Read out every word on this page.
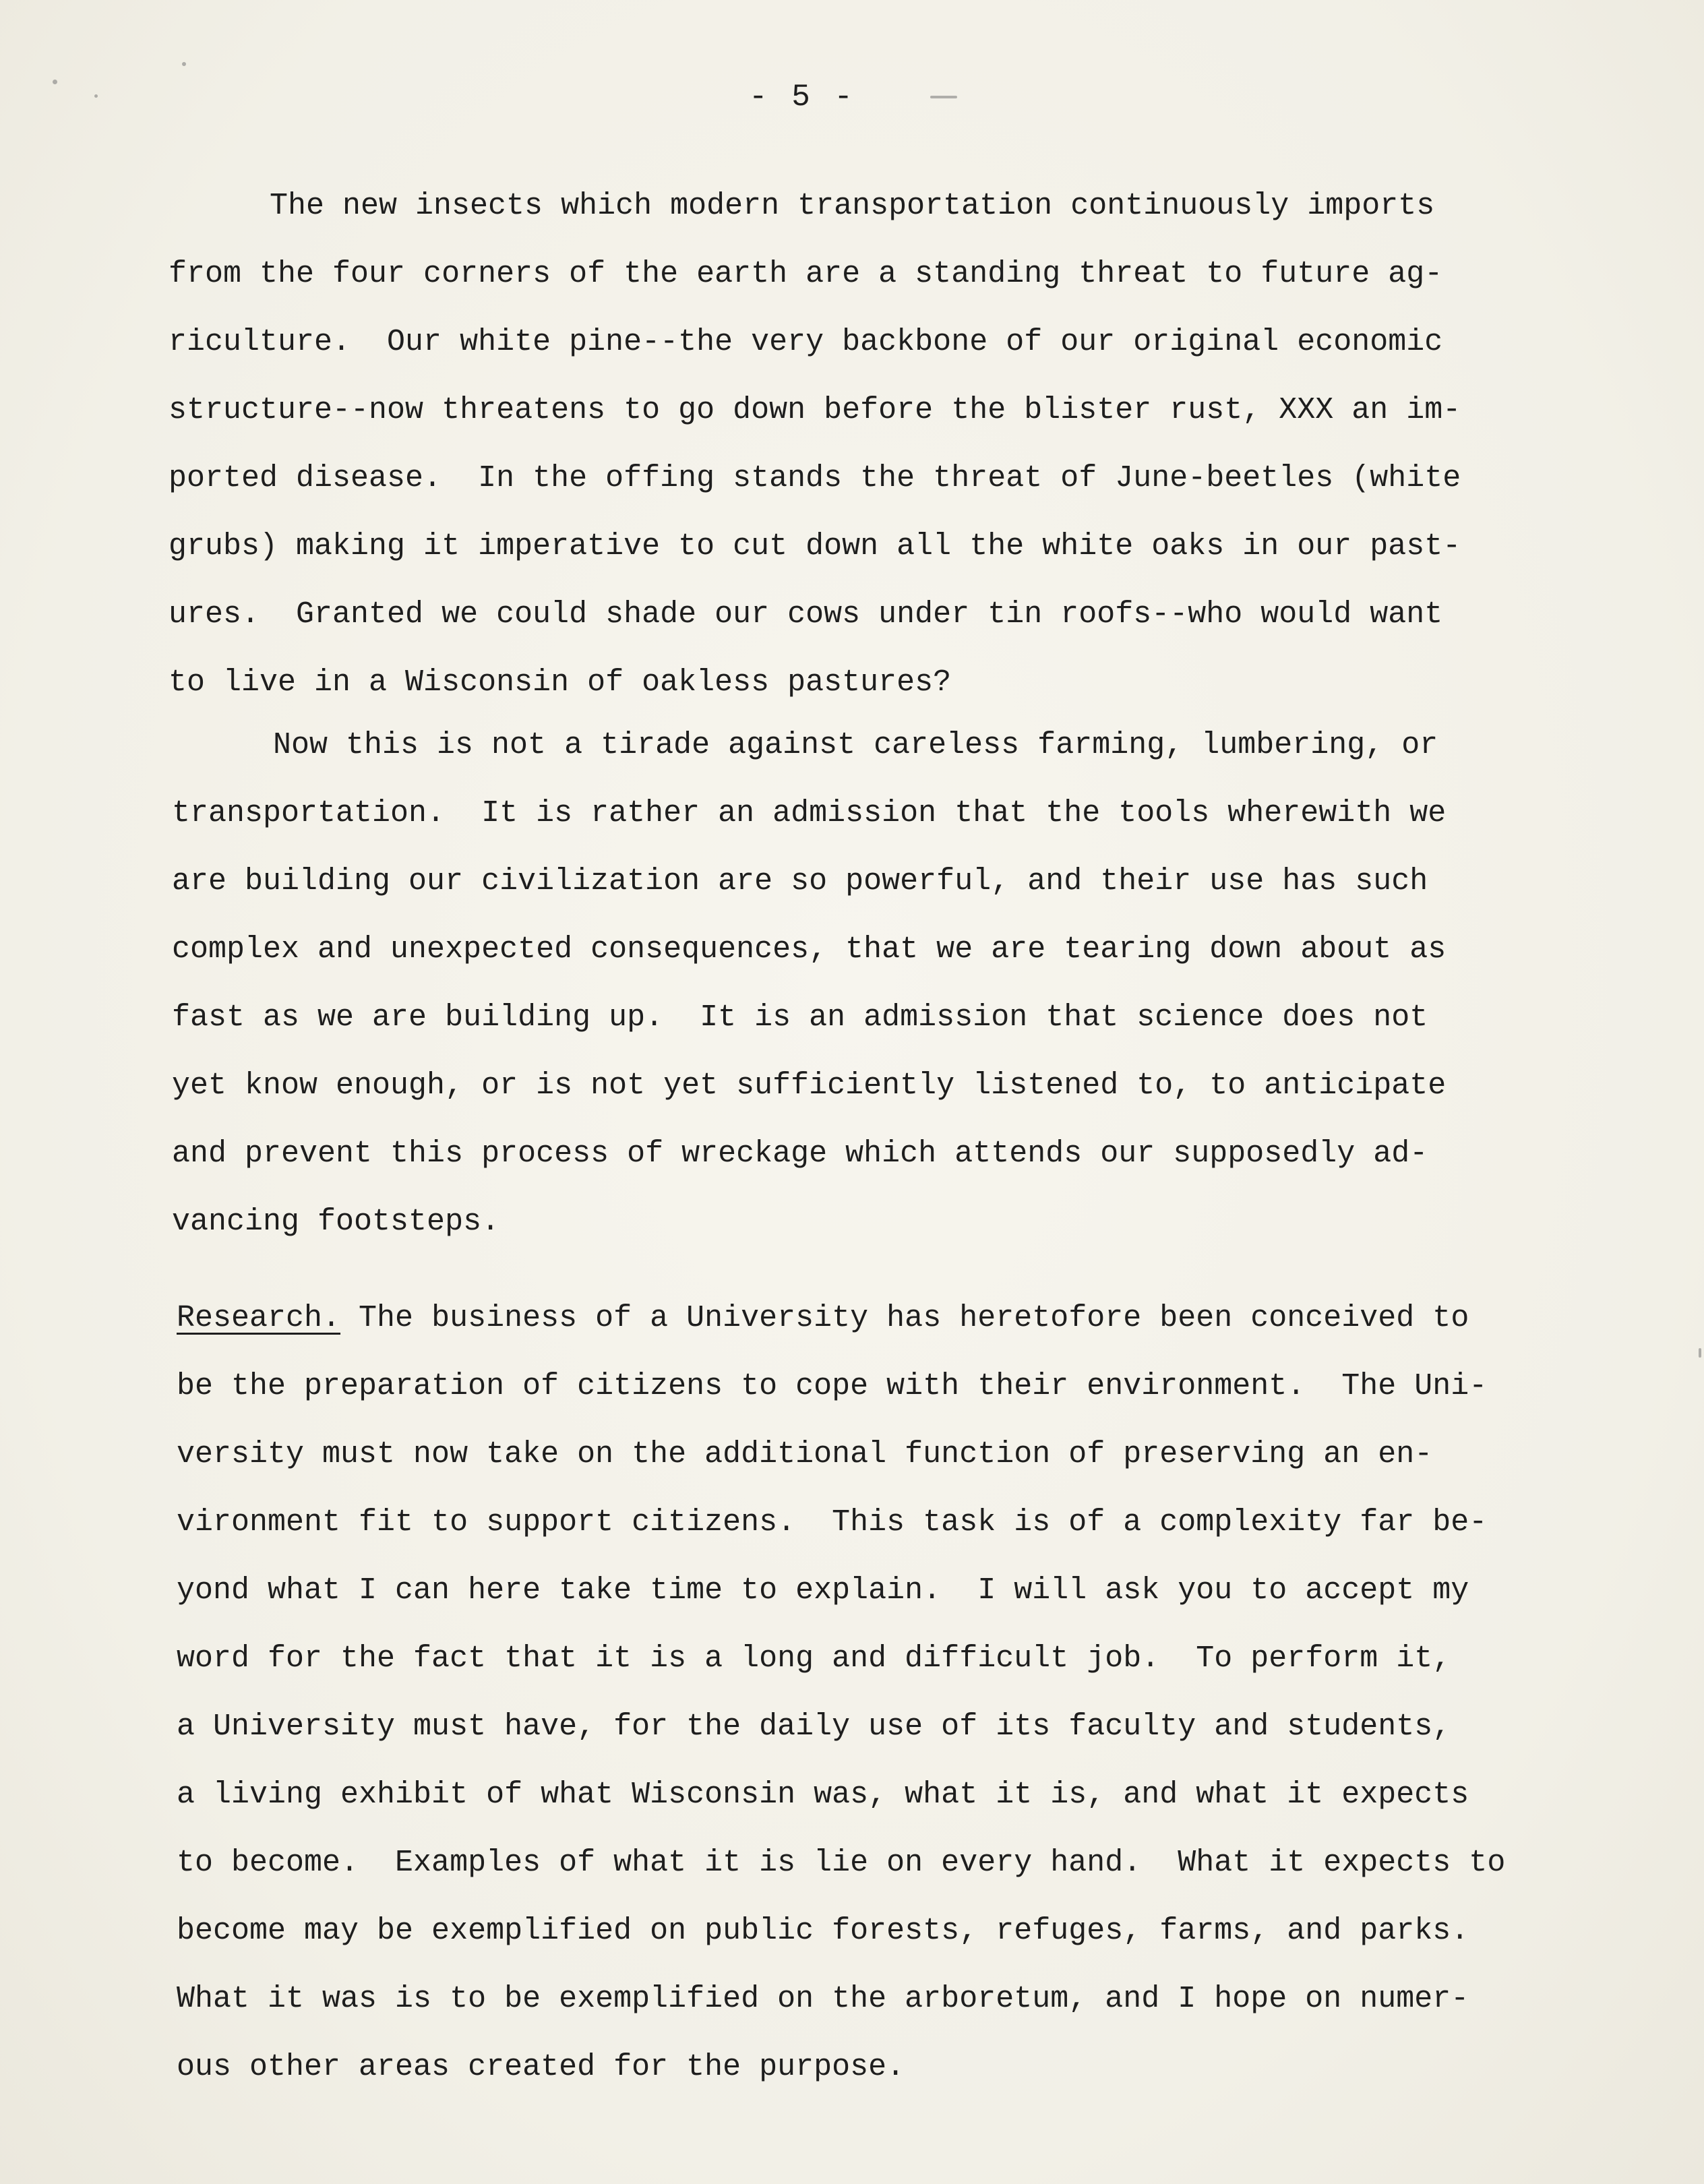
- 5 -
The new insects which modern transportation continuously imports
from the four corners of the earth are a standing threat to future ag-
riculture.  Our white pine--the very backbone of our original economic
structure--now threatens to go down before the blister rust, XXX an im-
ported disease.  In the offing stands the threat of June-beetles (white
grubs) making it imperative to cut down all the white oaks in our past-
ures.  Granted we could shade our cows under tin roofs--who would want
to live in a Wisconsin of oakless pastures?
Now this is not a tirade against careless farming, lumbering, or
transportation.  It is rather an admission that the tools wherewith we
are building our civilization are so powerful, and their use has such
complex and unexpected consequences, that we are tearing down about as
fast as we are building up.  It is an admission that science does not
yet know enough, or is not yet sufficiently listened to, to anticipate
and prevent this process of wreckage which attends our supposedly ad-
vancing footsteps.
Research. The business of a University has heretofore been conceived to
be the preparation of citizens to cope with their environment.  The Uni-
versity must now take on the additional function of preserving an en-
vironment fit to support citizens.  This task is of a complexity far be-
yond what I can here take time to explain.  I will ask you to accept my
word for the fact that it is a long and difficult job.  To perform it,
a University must have, for the daily use of its faculty and students,
a living exhibit of what Wisconsin was, what it is, and what it expects
to become.  Examples of what it is lie on every hand.  What it expects to
become may be exemplified on public forests, refuges, farms, and parks.
What it was is to be exemplified on the arboretum, and I hope on numer-
ous other areas created for the purpose.
